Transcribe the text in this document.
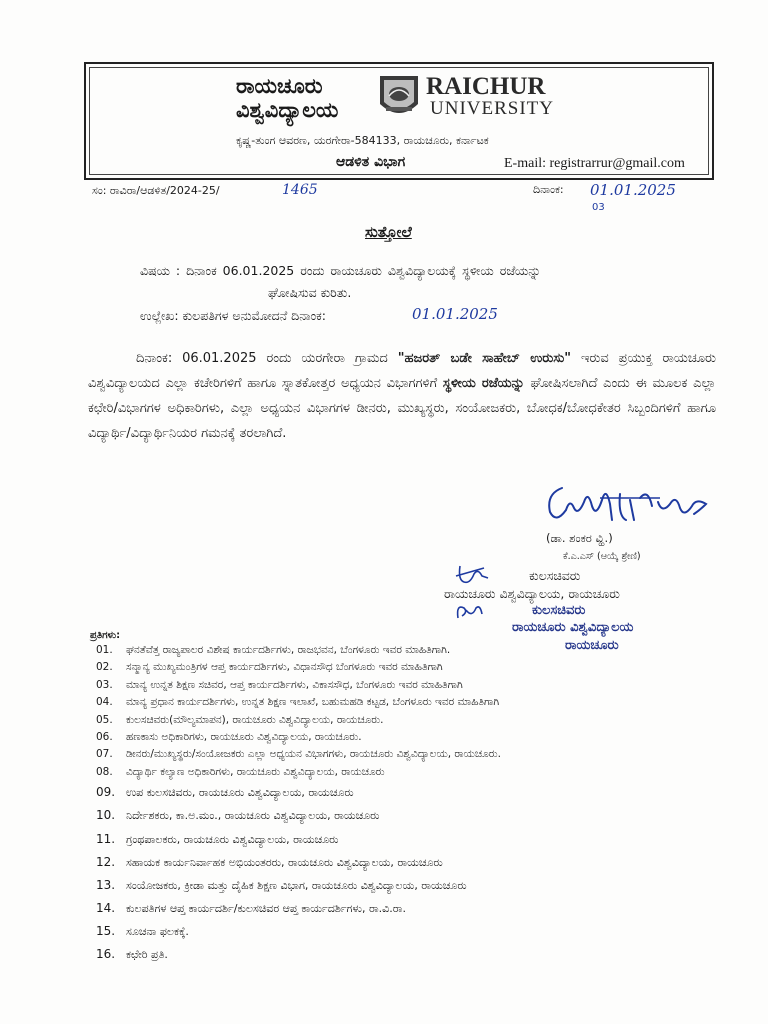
ರಾಯಚೂರು
ವಿಶ್ವವಿದ್ಯಾಲಯ
RAICHUR
UNIVERSITY
ಕೃಷ್ಣ-ತುಂಗ ಆವರಣ, ಯರಗೇರಾ-584133, ರಾಯಚೂರು, ಕರ್ನಾಟಕ
ಆಡಳಿತ ವಿಭಾಗ	E-mail: registrarrur@gmail.com
ಸಂ: ರಾವಿರಾ/ಆಡಳಿತ/2024-25/	1465	ದಿನಾಂಕ: 01.01.2025
03
ಸುತ್ತೋಲೆ
ವಿಷಯ : ದಿನಾಂಕ 06.01.2025 ರಂದು ರಾಯಚೂರು ವಿಶ್ವವಿದ್ಯಾಲಯಕ್ಕೆ ಸ್ಥಳೀಯ ರಜೆಯನ್ನು
ಘೋಷಿಸುವ ಕುರಿತು.
ಉಲ್ಲೇಖ: ಕುಲಪತಿಗಳ ಅನುಮೋದನೆ ದಿನಾಂಕ:	01.01.2025
ದಿನಾಂಕ: 06.01.2025 ರಂದು ಯರಗೇರಾ ಗ್ರಾಮದ "ಹಜರತ್ ಬಡೇ ಸಾಹೇಬ್ ಉರುಸು" ಇರುವ ಪ್ರಯುಕ್ತ ರಾಯಚೂರು ವಿಶ್ವವಿದ್ಯಾಲಯದ ಎಲ್ಲಾ ಕಚೇರಿಗಳಿಗೆ ಹಾಗೂ ಸ್ನಾತಕೋತ್ತರ ಅಧ್ಯಯನ ವಿಭಾಗಗಳಿಗೆ ಸ್ಥಳೀಯ ರಜೆಯನ್ನು ಘೋಷಿಸಲಾಗಿದೆ ಎಂದು ಈ ಮೂಲಕ ಎಲ್ಲಾ ಕಛೇರಿ/ವಿಭಾಗಗಳ ಅಧಿಕಾರಿಗಳು, ಎಲ್ಲಾ ಅಧ್ಯಯನ ವಿಭಾಗಗಳ ಡೀನರು, ಮುಖ್ಯಸ್ಥರು, ಸಂಯೋಜಕರು, ಬೋಧಕ/ಬೋಧಕೇತರ ಸಿಬ್ಬಂದಿಗಳಿಗೆ ಹಾಗೂ ವಿದ್ಯಾರ್ಥಿ/ವಿದ್ಯಾರ್ಥಿನಿಯರ ಗಮನಕ್ಕೆ ತರಲಾಗಿದೆ.
(ಡಾ. ಶಂಕರ ವ್ಹಿ.)
ಕೆ.ಎ.ಎಸ್ (ಆಯ್ಕೆ ಶ್ರೇಣಿ)
ಕುಲಸಚಿವರು
ರಾಯಚೂರು ವಿಶ್ವವಿದ್ಯಾಲಯ, ರಾಯಚೂರು
ಕುಲಸಚಿವರು
ರಾಯಚೂರು ವಿಶ್ವವಿದ್ಯಾಲಯ
ರಾಯಚೂರು
ಪ್ರತಿಗಳು:
01.	ಘನತೆವೆತ್ತ ರಾಜ್ಯಪಾಲರ ವಿಶೇಷ ಕಾರ್ಯದರ್ಶಿಗಳು, ರಾಜಭವನ, ಬೆಂಗಳೂರು ಇವರ ಮಾಹಿತಿಗಾಗಿ.
02.	ಸನ್ಮಾನ್ಯ ಮುಖ್ಯಮಂತ್ರಿಗಳ ಆಪ್ತ ಕಾರ್ಯದರ್ಶಿಗಳು, ವಿಧಾನಸೌಧ ಬೆಂಗಳೂರು ಇವರ ಮಾಹಿತಿಗಾಗಿ
03.	ಮಾನ್ಯ ಉನ್ನತ ಶಿಕ್ಷಣ ಸಚಿವರ, ಆಪ್ತ ಕಾರ್ಯದರ್ಶಿಗಳು, ವಿಕಾಸಸೌಧ, ಬೆಂಗಳೂರು ಇವರ ಮಾಹಿತಿಗಾಗಿ
04.	ಮಾನ್ಯ ಪ್ರಧಾನ ಕಾರ್ಯದರ್ಶಿಗಳು, ಉನ್ನತ ಶಿಕ್ಷಣ ಇಲಾಖೆ, ಬಹುಮಹಡಿ ಕಟ್ಟಡ, ಬೆಂಗಳೂರು ಇವರ ಮಾಹಿತಿಗಾಗಿ
05.	ಕುಲಸಚಿವರು(ಮೌಲ್ಯಮಾಪನ), ರಾಯಚೂರು ವಿಶ್ವವಿದ್ಯಾಲಯ, ರಾಯಚೂರು.
06.	ಹಣಕಾಸು ಅಧಿಕಾರಿಗಳು, ರಾಯಚೂರು ವಿಶ್ವವಿದ್ಯಾಲಯ, ರಾಯಚೂರು.
07.	ಡೀನರು/ಮುಖ್ಯಸ್ಥರು/ಸಂಯೋಜಕರು ಎಲ್ಲಾ ಅಧ್ಯಯನ ವಿಭಾಗಗಳು, ರಾಯಚೂರು ವಿಶ್ವವಿದ್ಯಾಲಯ, ರಾಯಚೂರು.
08.	ವಿದ್ಯಾರ್ಥಿ ಕಲ್ಯಾಣ ಅಧಿಕಾರಿಗಳು, ರಾಯಚೂರು ವಿಶ್ವವಿದ್ಯಾಲಯ, ರಾಯಚೂರು
09. ಉಪ ಕುಲಸಚಿವರು, ರಾಯಚೂರು ವಿಶ್ವವಿದ್ಯಾಲಯ, ರಾಯಚೂರು
10. ನಿರ್ದೇಶಕರು, ಕಾ.ಅ.ಮಂ., ರಾಯಚೂರು ವಿಶ್ವವಿದ್ಯಾಲಯ, ರಾಯಚೂರು
11. ಗ್ರಂಥಪಾಲಕರು, ರಾಯಚೂರು ವಿಶ್ವವಿದ್ಯಾಲಯ, ರಾಯಚೂರು
12. ಸಹಾಯಕ ಕಾರ್ಯನಿರ್ವಾಹಕ ಅಭಿಯಂತರರು, ರಾಯಚೂರು ವಿಶ್ವವಿದ್ಯಾಲಯ, ರಾಯಚೂರು
13. ಸಂಯೋಜಕರು, ಕ್ರೀಡಾ ಮತ್ತು ದೈಹಿಕ ಶಿಕ್ಷಣ ವಿಭಾಗ, ರಾಯಚೂರು ವಿಶ್ವವಿದ್ಯಾಲಯ, ರಾಯಚೂರು
14. ಕುಲಪತಿಗಳ ಆಪ್ತ ಕಾರ್ಯದರ್ಶಿ/ಕುಲಸಚಿವರ ಆಪ್ತ ಕಾರ್ಯದರ್ಶಿಗಳು, ರಾ.ವಿ.ರಾ.
15. ಸೂಚನಾ ಫಲಕಕ್ಕೆ.
16. ಕಛೇರಿ ಪ್ರತಿ.
